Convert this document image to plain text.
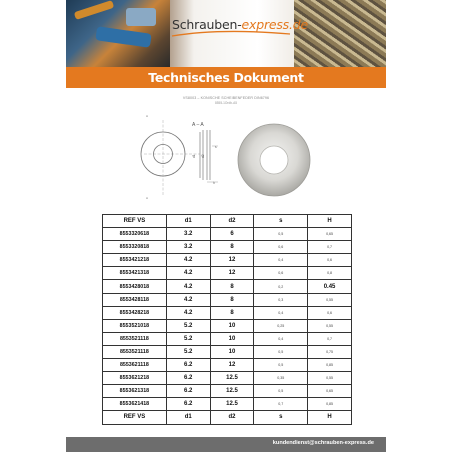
Schrauben-express.de
Technisches Dokument
VS8003 – KONISCHE SCHEIBENFEDER DIN6796
8555-1Ordb-A5
A
A
A – A
d1 d2
s
h
REF VS	d1	d2	s	H
8553320618	3.2	6	0,5	0,65
8553320818	3.2	8	0,6	0,7
8553421218	4.2	12	0,4	0,6
8553421318	4.2	12	0,6	0,8
8553428018	4.2	8	0,2	0.45
8553428118	4.2	8	0,3	0,55
8553428218	4.2	8	0,4	0,6
8553521018	5.2	10	0,25	0,55
8553521118	5.2	10	0,4	0,7
8553521118	5.2	10	0,5	0,75
8553621118	6.2	12	0,5	0,85
8553621218	6.2	12.5	0,35	0,55
8553621318	6.2	12.5	0,5	0,65
8553621418	6.2	12.5	0,7	0,85
REF VS	d1	d2	s	H
kundendienst@schrauben-express.de
